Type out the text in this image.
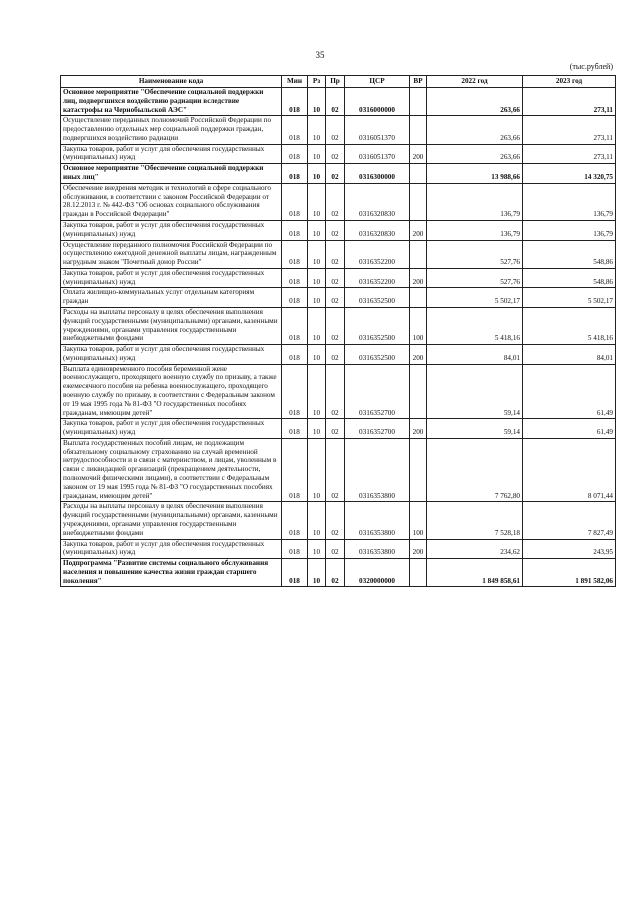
35
(тыс.рублей)
Наименование кода	Мин	Рз	Пр	ЦСР	ВР	2022 год	2023 год
Основное мероприятие "Обеспечение социальной поддержки лиц, подвергшихся воздействию радиации вследствие катастрофы на Чернобыльской АЭС"	018	10	02	0316000000		263,66	273,11
Осуществление переданных полномочий Российской Федерации по предоставлению отдельных мер социальной поддержки граждан, подвергшихся воздействию радиации	018	10	02	0316051370		263,66	273,11
Закупка товаров, работ и услуг для обеспечения государственных (муниципальных) нужд	018	10	02	0316051370	200	263,66	273,11
Основное мероприятие "Обеспечение социальной поддержки иных лиц"	018	10	02	0316300000		13 988,66	14 320,75
Обеспечение внедрения методик и технологий в сфере социального обслуживания, в соответствии с законом Российской Федерации от 28.12.2013 г. № 442-ФЗ "Об основах социального обслуживания граждан в Российской Федерации"	018	10	02	0316320830		136,79	136,79
Закупка товаров, работ и услуг для обеспечения государственных (муниципальных) нужд	018	10	02	0316320830	200	136,79	136,79
Осуществление переданного полномочия Российской Федерации по осуществлению ежегодной денежной выплаты лицам, награжденным нагрудным знаком "Почетный донор России"	018	10	02	0316352200		527,76	548,86
Закупка товаров, работ и услуг для обеспечения государственных (муниципальных) нужд	018	10	02	0316352200	200	527,76	548,86
Оплата жилищно-коммунальных услуг отдельным категориям граждан	018	10	02	0316352500		5 502,17	5 502,17
Расходы на выплаты персоналу в целях обеспечения выполнения функций государственными (муниципальными) органами, казенными учреждениями, органами управления государственными внебюджетными фондами	018	10	02	0316352500	100	5 418,16	5 418,16
Закупка товаров, работ и услуг для обеспечения государственных (муниципальных) нужд	018	10	02	0316352500	200	84,01	84,01
Выплата единовременного пособия беременной жене военнослужащего, проходящего военную службу по призыву, а также ежемесячного пособия на ребенка военнослужащего, проходящего военную службу по призыву, в соответствии с Федеральным законом от 19 мая 1995 года № 81-ФЗ "О государственных пособиях гражданам, имеющим детей"	018	10	02	0316352700		59,14	61,49
Закупка товаров, работ и услуг для обеспечения государственных (муниципальных) нужд	018	10	02	0316352700	200	59,14	61,49
Выплата государственных пособий лицам, не подлежащим обязательному социальному страхованию на случай временной нетрудоспособности и в связи с материнством, и лицам, уволенным в связи с ликвидацией организаций (прекращением деятельности, полномочий физическими лицами), в соответствии с Федеральным законом от 19 мая 1995 года № 81-ФЗ "О государственных пособиях гражданам, имеющим детей"	018	10	02	0316353800		7 762,80	8 071,44
Расходы на выплаты персоналу в целях обеспечения выполнения функций государственными (муниципальными) органами, казенными учреждениями, органами управления государственными внебюджетными фондами	018	10	02	0316353800	100	7 528,18	7 827,49
Закупка товаров, работ и услуг для обеспечения государственных (муниципальных) нужд	018	10	02	0316353800	200	234,62	243,95
Подпрограмма "Развитие системы социального обслуживания населения и повышение качества жизни граждан старшего поколения"	018	10	02	0320000000		1 849 858,61	1 891 582,06
